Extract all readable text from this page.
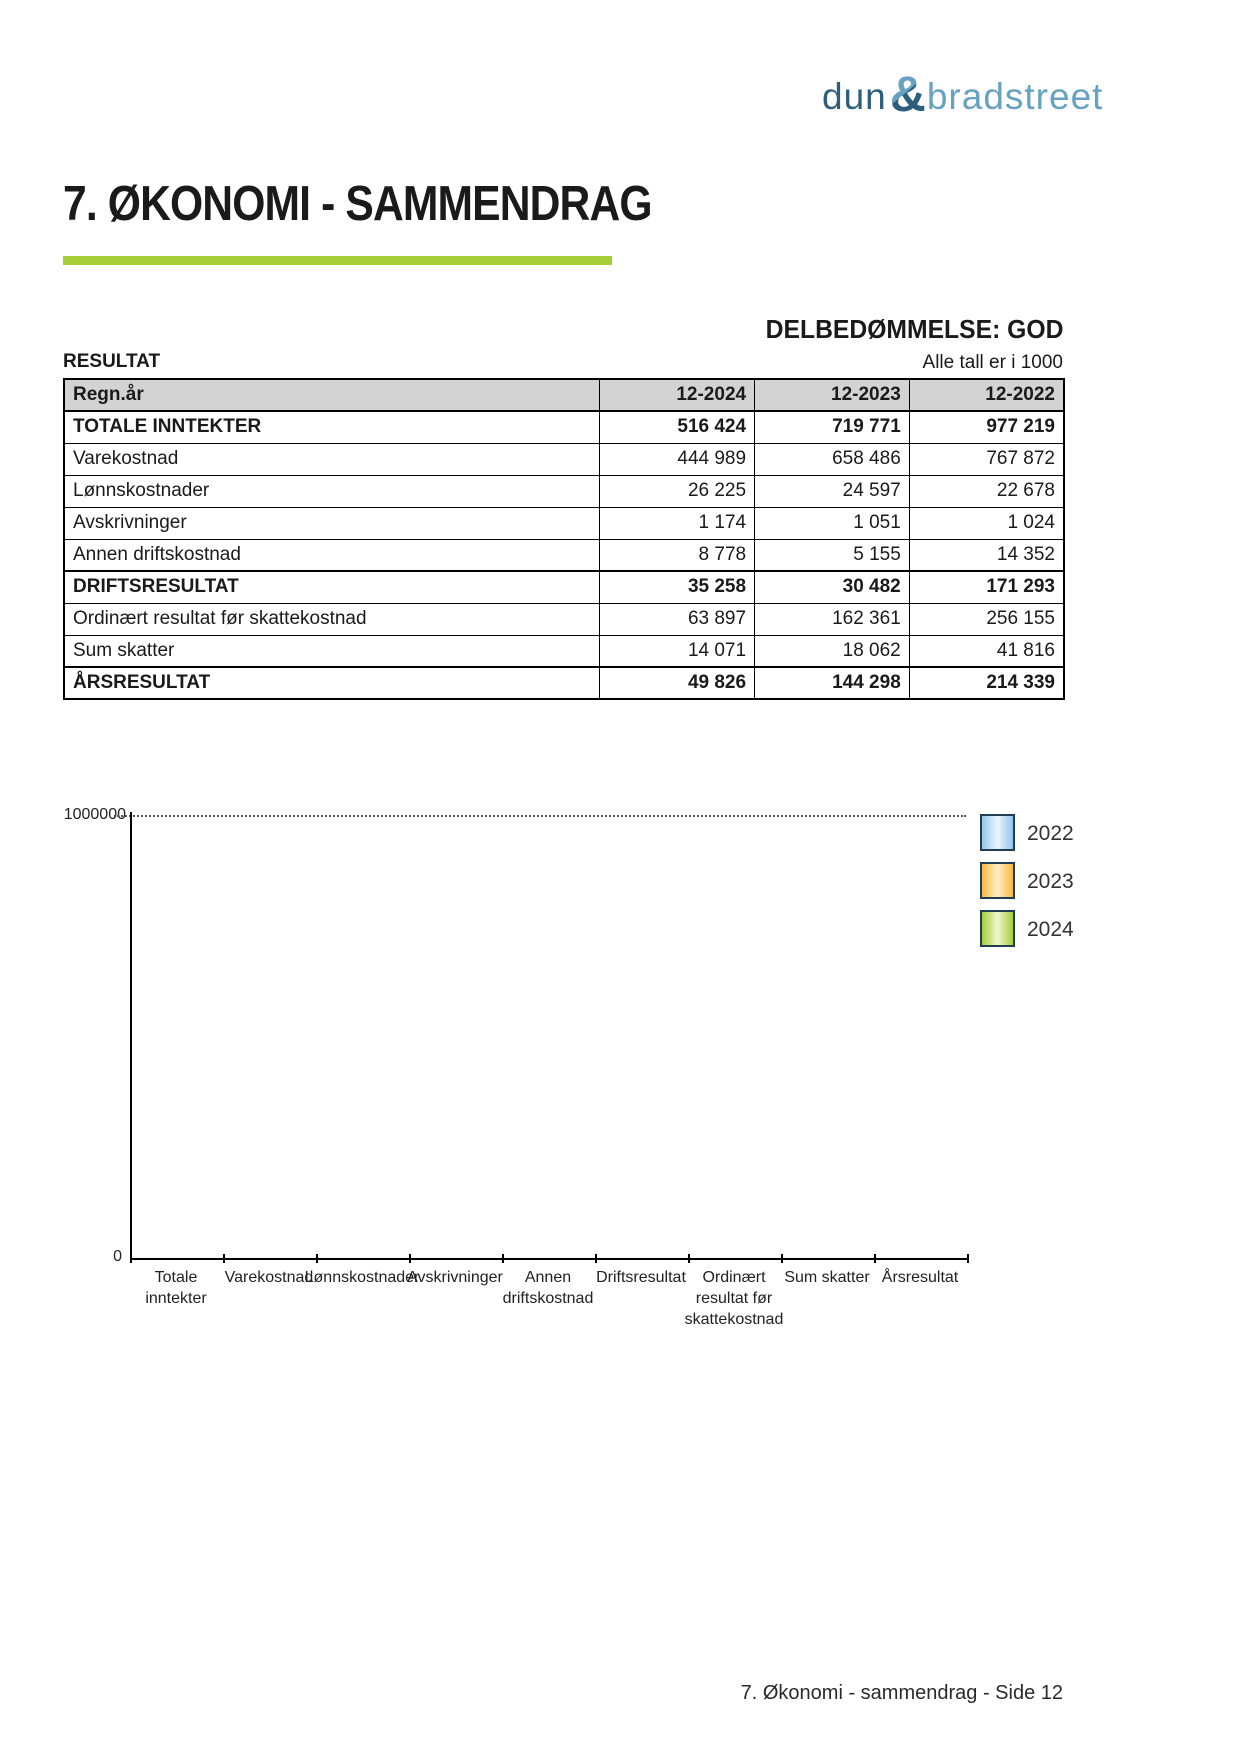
dun & bradstreet
7. ØKONOMI - SAMMENDRAG
DELBEDØMMELSE: GOD
RESULTAT	Alle tall er i 1000
Regn.år	12-2024	12-2023	12-2022
TOTALE INNTEKTER	516 424	719 771	977 219
Varekostnad	444 989	658 486	767 872
Lønnskostnader	26 225	24 597	22 678
Avskrivninger	1 174	1 051	1 024
Annen driftskostnad	8 778	5 155	14 352
DRIFTSRESULTAT	35 258	30 482	171 293
Ordinært resultat før skattekostnad	63 897	162 361	256 155
Sum skatter	14 071	18 062	41 816
ÅRSRESULTAT	49 826	144 298	214 339
1000000
0
Totale
inntekter
Varekostnad
Lønnskostnader
Avskrivninger	Annen
driftskostnad
Driftsresultat	Ordinært
resultat før
skattekostnad
Sum skatter Årsresultat
2022
2023
2024
7. Økonomi - sammendrag - Side 12
